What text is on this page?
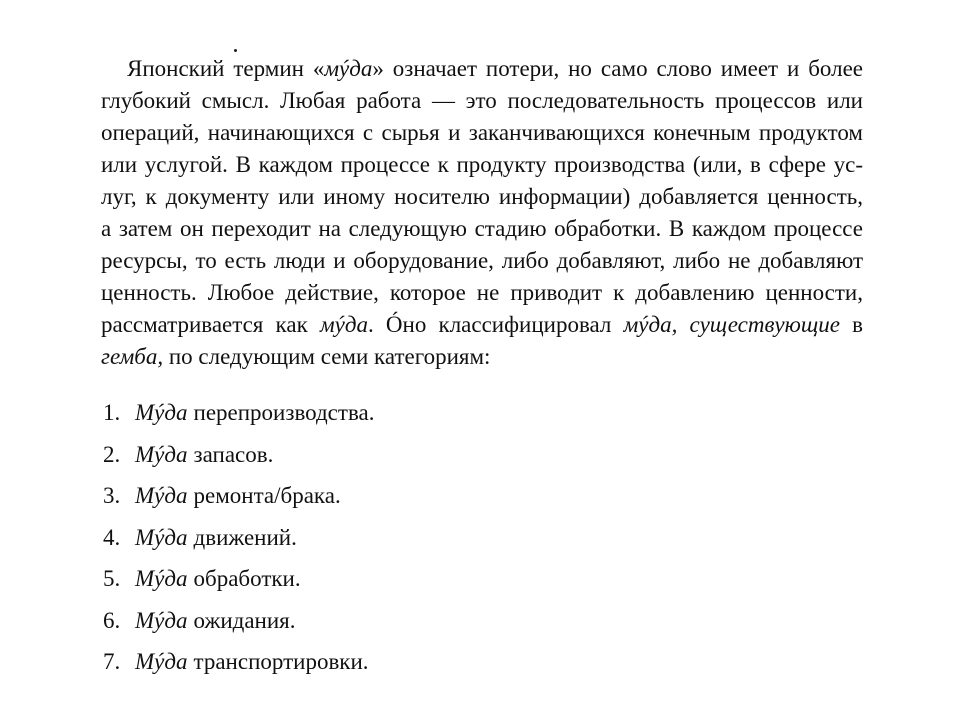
Японский термин «мýда» означает потери, но само слово имеет и более
глубокий смысл. Любая работа — это последовательность процессов или
операций, начинающихся с сырья и заканчивающихся конечным продуктом
или услугой. В каждом процессе к продукту производства (или, в сфере ус-
луг, к документу или иному носителю информации) добавляется ценность,
а затем он переходит на следующую стадию обработки. В каждом процессе
ресурсы, то есть люди и оборудование, либо добавляют, либо не добавляют
ценность. Любое действие, которое не приводит к добавлению ценности,
рассматривается как мýда. Óно классифицировал мýда, существующие в
гемба, по следующим семи категориям:
1. Мýда перепроизводства.
2. Мýда запасов.
3. Мýда ремонта/брака.
4. Мýда движений.
5. Мýда обработки.
6. Мýда ожидания.
7. Мýда транспортировки.
